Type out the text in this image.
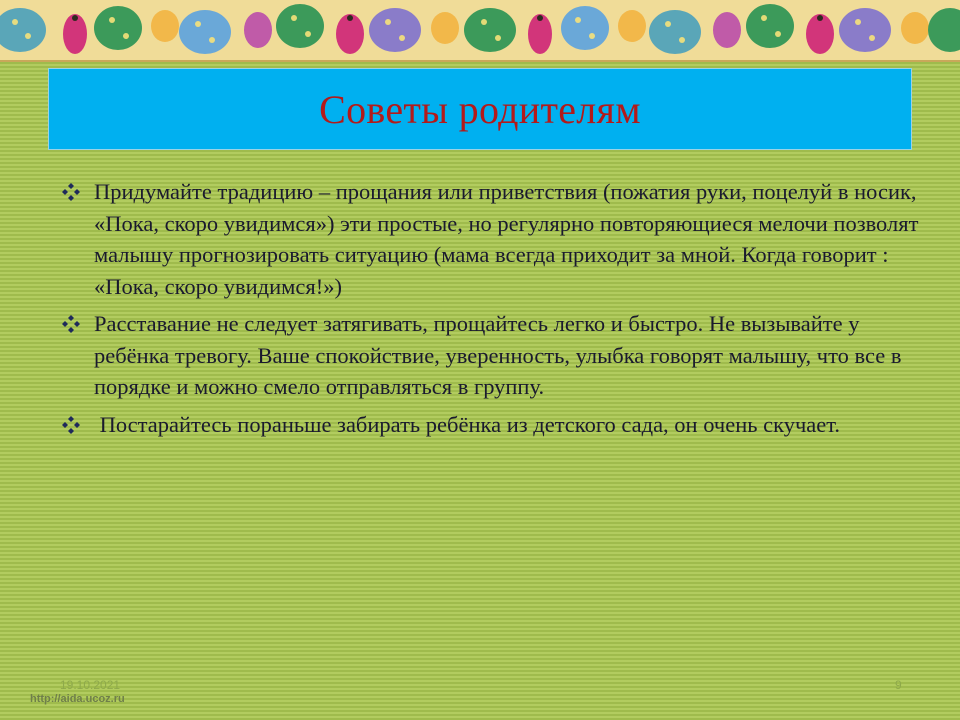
Советы родителям
Придумайте традицию – прощания или приветствия (пожатия руки, поцелуй в носик, «Пока, скоро увидимся») эти простые, но регулярно повторяющиеся мелочи позволят малышу прогнозировать ситуацию (мама всегда приходит за мной. Когда говорит : «Пока, скоро увидимся!»)
Расставание не следует затягивать, прощайтесь легко и быстро. Не вызывайте у ребёнка тревогу. Ваше спокойствие, уверенность, улыбка говорят малышу, что все в порядке и можно смело отправляться в группу.
Постарайтесь пораньше забирать ребёнка из детского сада, он очень скучает.
19.10.2021
http://aida.ucoz.ru
9
